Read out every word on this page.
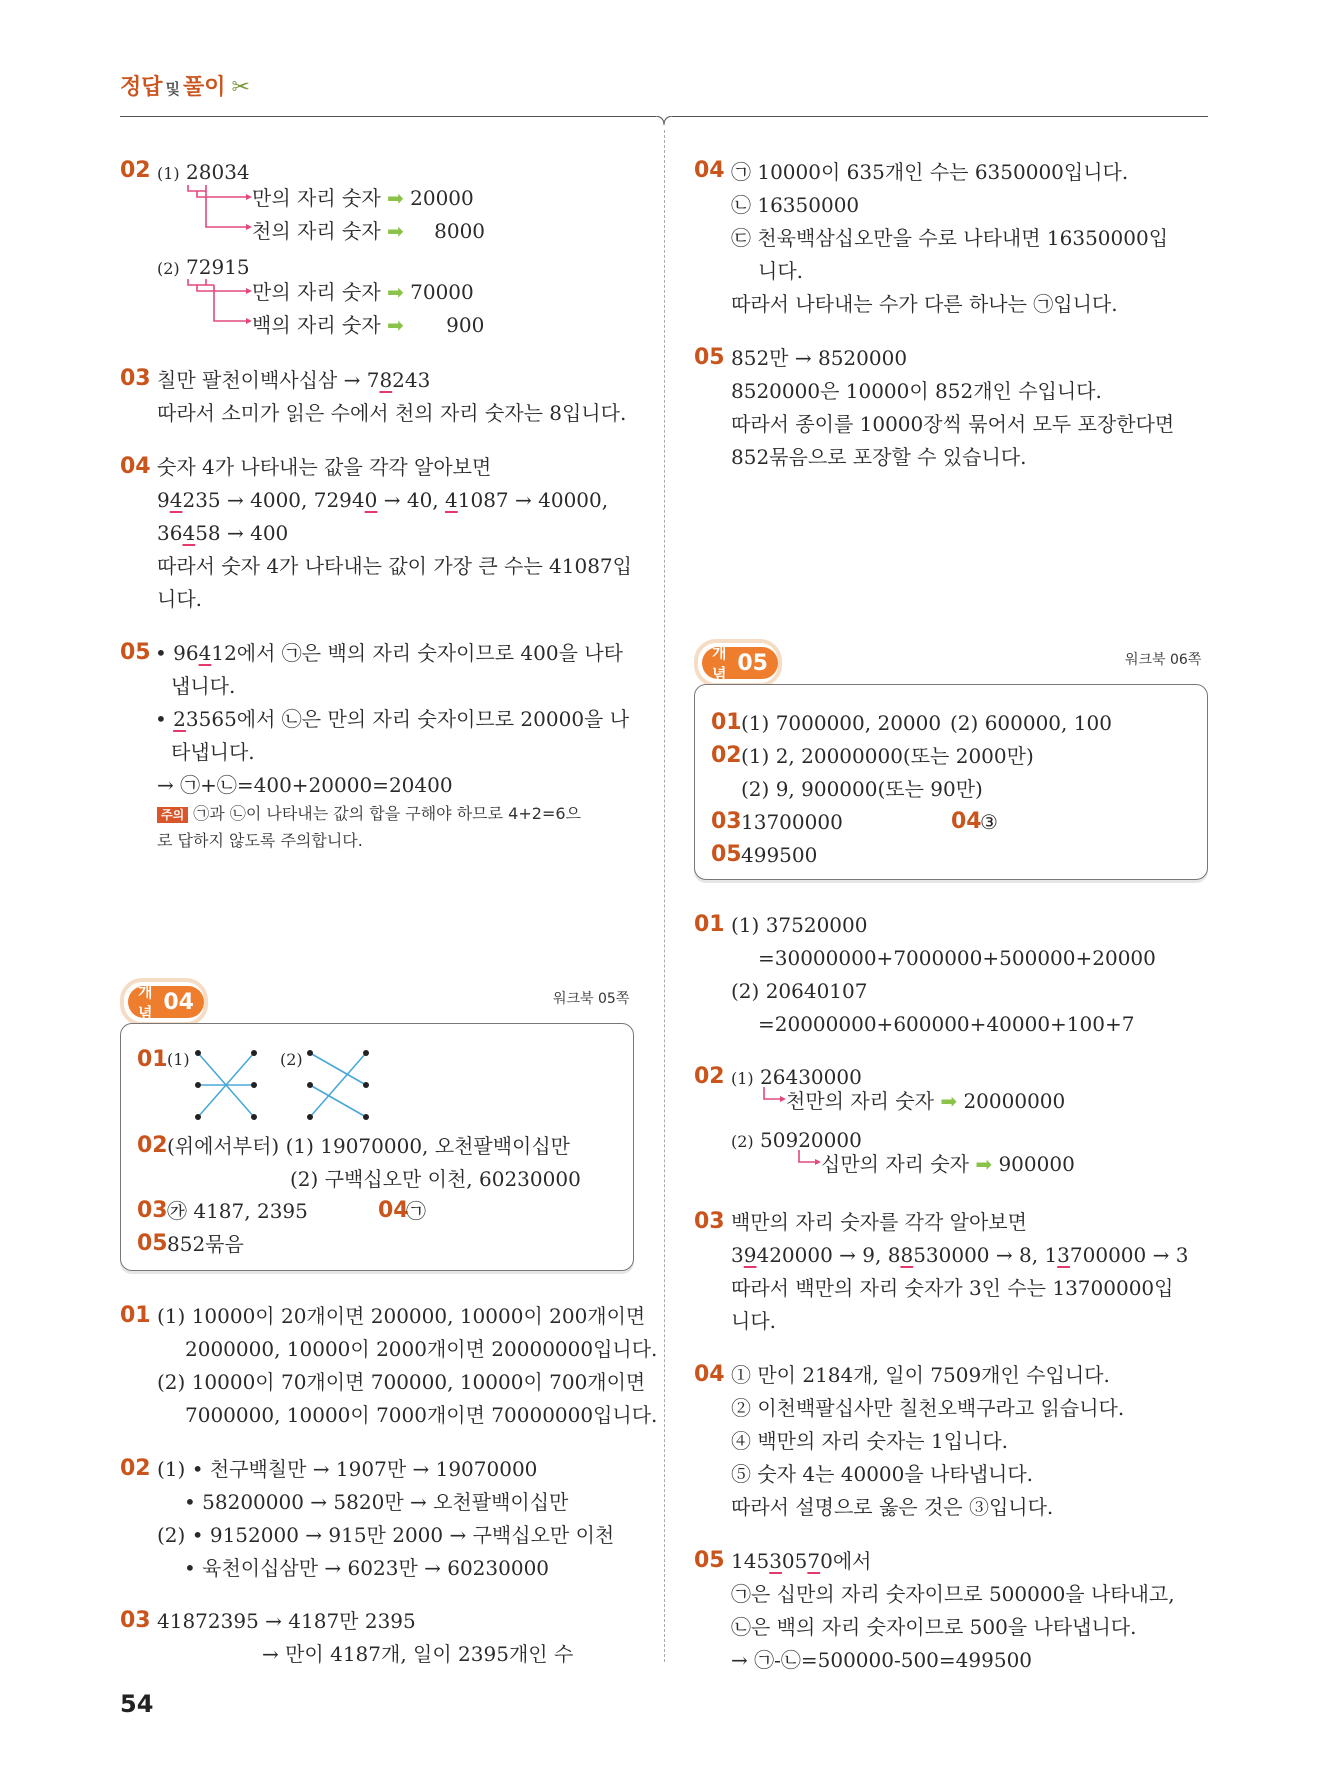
정답 및 풀이 ✂
02 (1) 28034
만의 자리 숫자 ➡ 20000
천의 자리 숫자 ➡ 8000
(2) 72915
만의 자리 숫자 ➡ 70000
백의 자리 숫자 ➡ 900
03 칠만 팔천이백사십삼 → 78243
따라서 소미가 읽은 수에서 천의 자리 숫자는 8입니다.
04 숫자 4가 나타내는 값을 각각 알아보면
94235 → 4000, 72940 → 40, 41087 → 40000,
36458 → 400
따라서 숫자 4가 나타내는 값이 가장 큰 수는 41087입
니다.
05 • 96412에서 ㉠은 백의 자리 숫자이므로 400을 나타
냅니다.
• 23565에서 ㉡은 만의 자리 숫자이므로 20000을 나
타냅니다.
→ ㉠+㉡=400+20000=20400
주의 ㉠과 ㉡이 나타내는 값의 합을 구해야 하므로 4+2=6으
로 답하지 않도록 주의합니다.
개념 04	워크북 05쪽
01 (1)	(2)
02 (위에서부터) (1) 19070000, 오천팔백이십만
(2) 구백십오만 이천, 60230000
03 ㉮ 4187, 2395	04
㉠
05 852묶음
01 (1) 10000이 20개이면 200000, 10000이 200개이면
2000000, 10000이 2000개이면 20000000입니다.
(2) 10000이 70개이면 700000, 10000이 700개이면
7000000, 10000이 7000개이면 70000000입니다.
02 (1) • 천구백칠만 → 1907만 → 19070000
• 58200000 → 5820만 → 오천팔백이십만
(2) • 9152000 → 915만 2000 → 구백십오만 이천
• 육천이십삼만 → 6023만 → 60230000
03 41872395 → 4187만 2395
→ 만이 4187개, 일이 2395개인 수
04 ㉠ 10000이 635개인 수는 6350000입니다.
㉡ 16350000
㉢ 천육백삼십오만을 수로 나타내면 16350000입
니다.
따라서 나타내는 수가 다른 하나는 ㉠입니다.
05 852만 → 8520000
8520000은 10000이 852개인 수입니다.
따라서 종이를 10000장씩 묶어서 모두 포장한다면
852묶음으로 포장할 수 있습니다.
개념 05	워크북 06쪽
01 (1) 7000000, 20000 (2) 600000, 100
02 (1) 2, 20000000(또는 2000만)
(2) 9, 900000(또는 90만)
03 13700000	04
③
05 499500
01 (1) 37520000
=30000000+7000000+500000+20000
(2) 20640107
=20000000+600000+40000+100+7
02 (1) 26430000
천만의 자리 숫자 ➡ 20000000
(2) 50920000
십만의 자리 숫자 ➡ 900000
03 백만의 자리 숫자를 각각 알아보면
39420000 → 9, 88530000 → 8, 13700000 → 3
따라서 백만의 자리 숫자가 3인 수는 13700000입
니다.
04 ① 만이 2184개, 일이 7509개인 수입니다.
② 이천백팔십사만 칠천오백구라고 읽습니다.
④ 백만의 자리 숫자는 1입니다.
⑤ 숫자 4는 40000을 나타냅니다.
따라서 설명으로 옳은 것은 ③입니다.
05 14530570에서
㉠은 십만의 자리 숫자이므로 500000을 나타내고,
㉡은 백의 자리 숫자이므로 500을 나타냅니다.
→ ㉠-㉡=500000-500=499500
54
